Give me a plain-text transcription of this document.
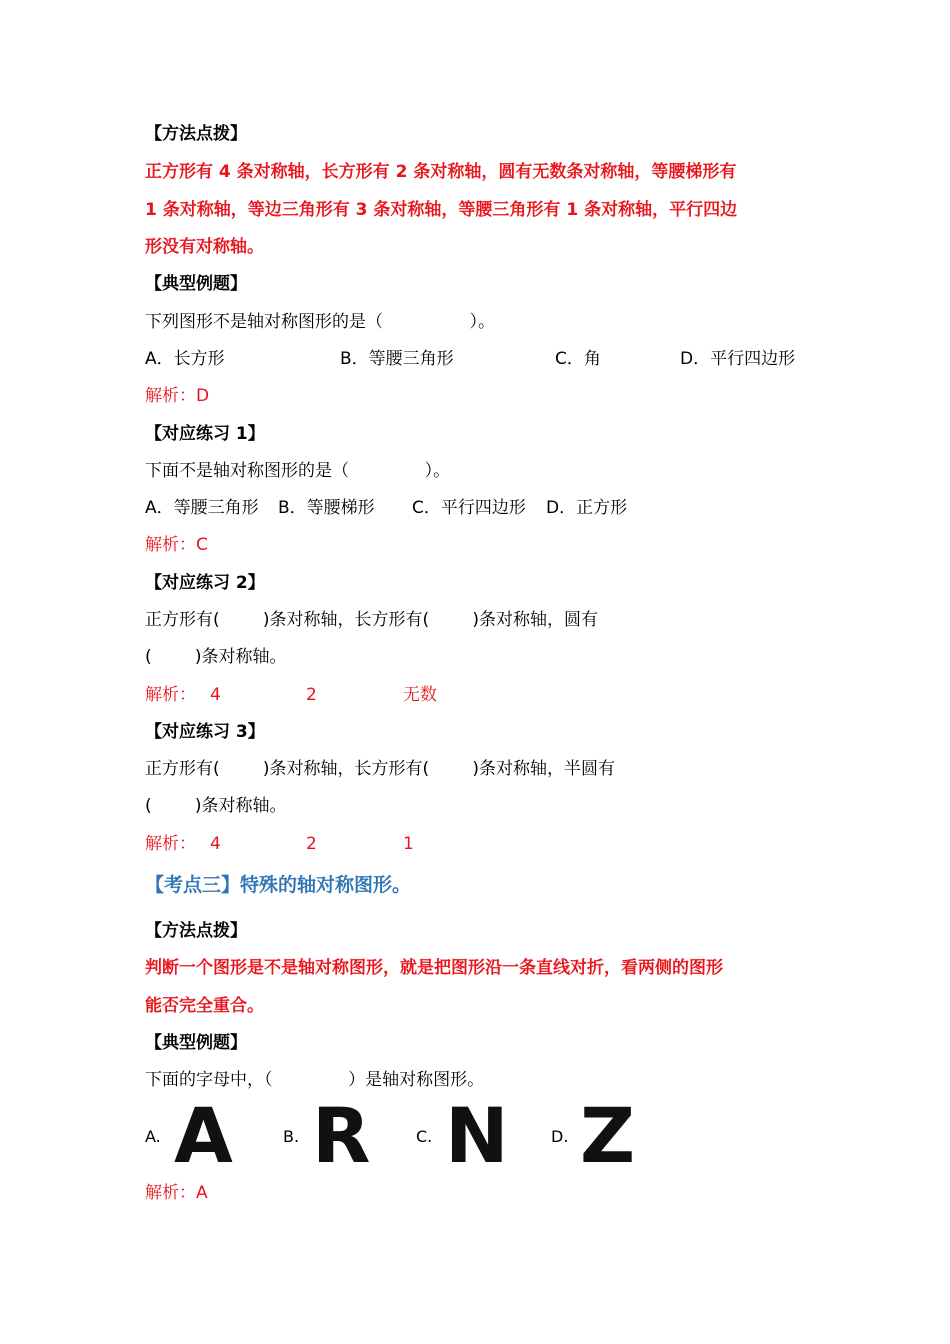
【方法点拨】
正方形有 4 条对称轴，长方形有 2 条对称轴，圆有无数条对称轴，等腰梯形有
1 条对称轴，等边三角形有 3 条对称轴，等腰三角形有 1 条对称轴，平行四边
形没有对称轴。
【典型例题】
下列图形不是轴对称图形的是（                ）。
A．长方形	B．等腰三角形	C．角	D．平行四边形
解析：D
【对应练习 1】
下面不是轴对称图形的是（              ）。
A．等腰三角形 B．等腰梯形 C．平行四边形 D．正方形
解析：C
【对应练习 2】
正方形有(        )条对称轴，长方形有(        )条对称轴，圆有
(        )条对称轴。
解析： 4	2	无数
【对应练习 3】
正方形有(        )条对称轴，长方形有(        )条对称轴，半圆有
(        )条对称轴。
解析： 4	2	1
【考点三】特殊的轴对称图形。
【方法点拨】
判断一个图形是不是轴对称图形，就是把图形沿一条直线对折，看两侧的图形
能否完全重合。
【典型例题】
下面的字母中，（              ）是轴对称图形。
A. A	B. R	C. N	D. Z
解析：A
